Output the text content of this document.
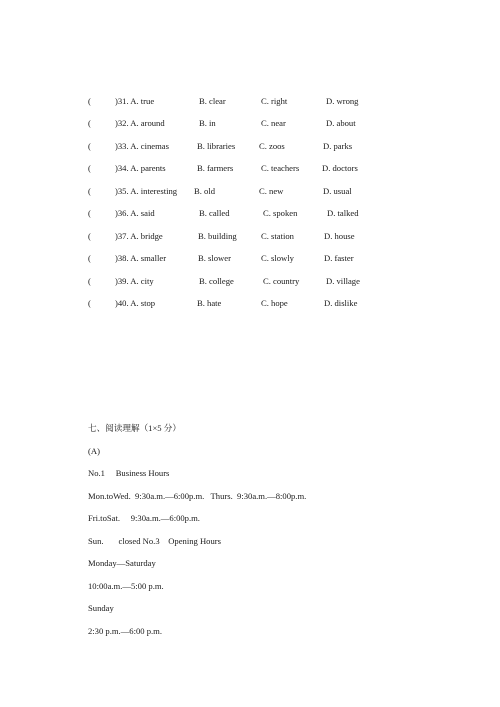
(	)31. A. true	B. clear	C. right	D. wrong
(	)32. A. around	B. in	C. near	D. about
(	)33. A. cinemas	B. libraries	C. zoos	D. parks
(	)34. A. parents	B. farmers	C. teachers	D. doctors
(	)35. A. interesting B. old	C. new	D. usual
(	)36. A. said	B. called	C. spoken	D. talked
(	)37. A. bridge	B. building	C. station	D. house
(	)38. A. smaller	B. slower	C. slowly	D. faster
(	)39. A. city	B. college	C. country	D. village
(	)40. A. stop	B. hate	C. hope	D. dislike
七、阅读理解（1×5 分）
(A)
No.1     Business Hours
Mon.toWed.  9:30a.m.—6:00p.m.   Thurs.  9:30a.m.—8:00p.m.
Fri.toSat.     9:30a.m.—6:00p.m.
Sun.       closed No.3    Opening Hours
Monday—Saturday
10:00a.m.—5:00 p.m.
Sunday
2:30 p.m.—6:00 p.m.
